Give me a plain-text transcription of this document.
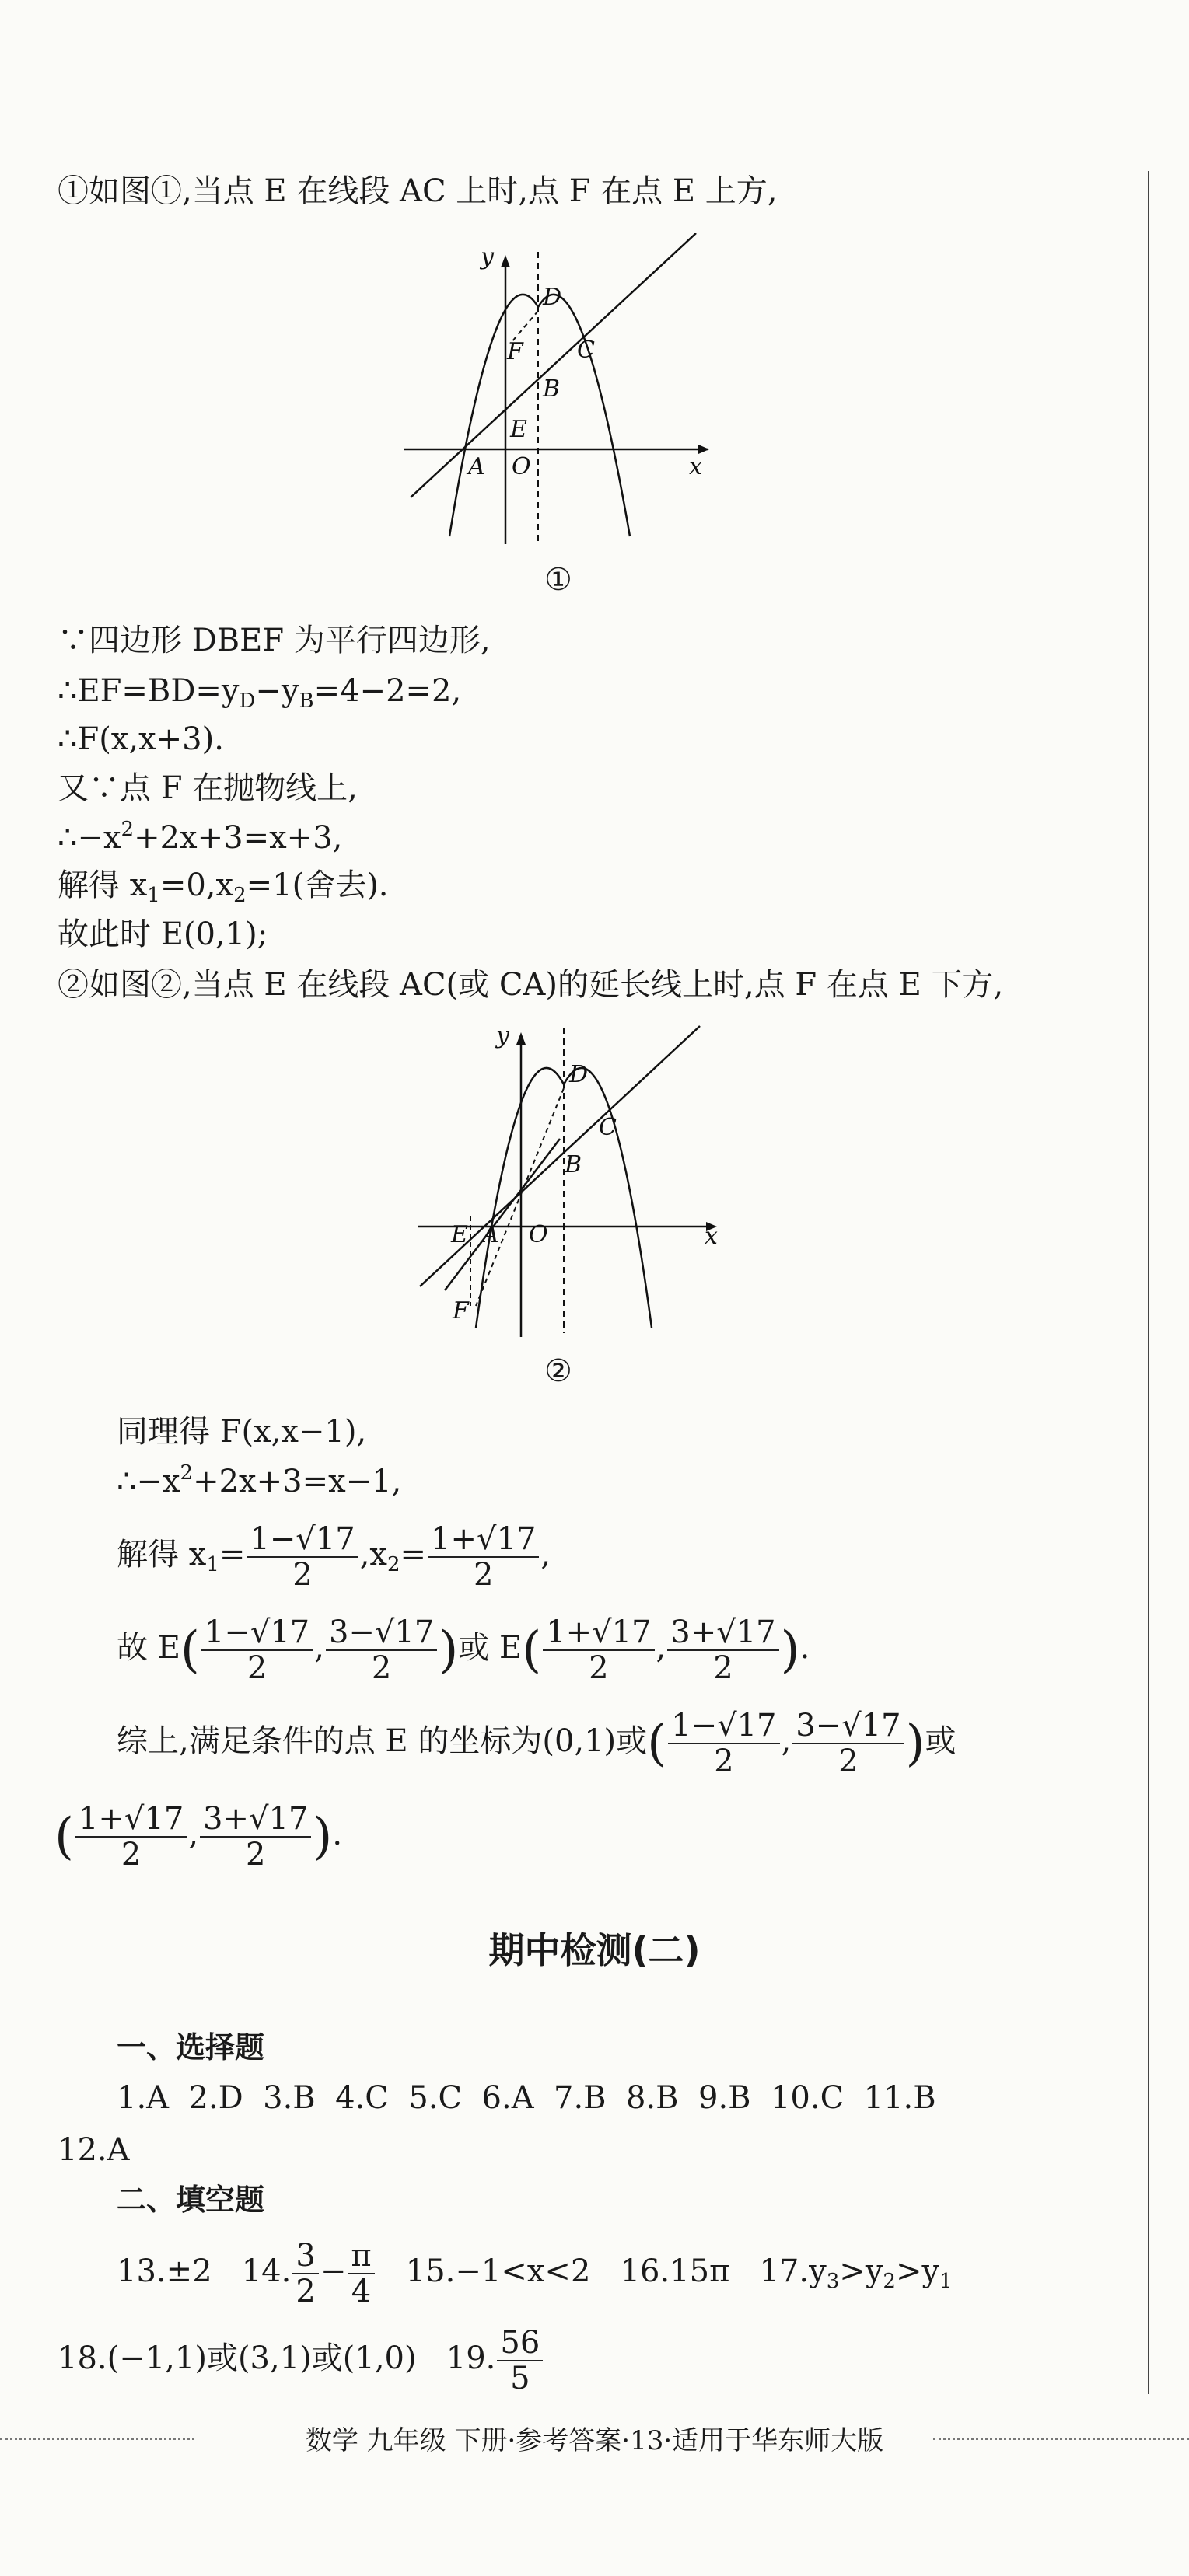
①如图①,当点 E 在线段 AC 上时,点 F 在点 E 上方,
D
F C
B
E
A O	x
y
①
∵四边形 DBEF 为平行四边形,
$\therefore EF=BD=y_D-y_B=4-2=2$,
∴F(x,x+3).
又∵点 F 在抛物线上,
$\therefore-x^2+2x+3=x+3$,
解得 $x_1=0,x_2=1$(舍去).
故此时 E(0,1);
②如图②,当点 E 在线段 AC(或 CA)的延长线上时,点 F 在点 E 下方,
D
C
B
E A O
F
x
y
②
同理得 F(x,x−1),
$\therefore-x^2+2x+3=x-1$,
解得 $x_1= \frac{1-√17}{2} ,x_2= \frac{1+√17}{2}$ ,
故 $E( \frac{1-√17}{2}$ , $\frac{3-√17}{2}$ )或 $E( \frac{1+√17}{2}$ , $\frac{3+√17}{2}$ ).
综上,满足条件的点 E 的坐标为(0,1)或( $\frac{1-√17}{2}$ , $\frac{3-√17}{2}$ )或
( $\frac{1+√17}{2}$ , $\frac{3+√17}{2}$ ).
期中检测(二)
一、选择题
1.A  2.D  3.B  4.C  5.C  6.A  7.B  8.B  9.B  10.C  11.B
12.A
二、填空题
13.±2 14. $\frac{3}{2} - \frac{\pi}{4} 15.-1<x<2$ 16.15π $17.y_3>y_2>y_1$
18.(−1,1)或(3,1)或(1,0) 19. $\frac{56}{5}$
数学 九年级 下册·参考答案·13·适用于华东师大版
